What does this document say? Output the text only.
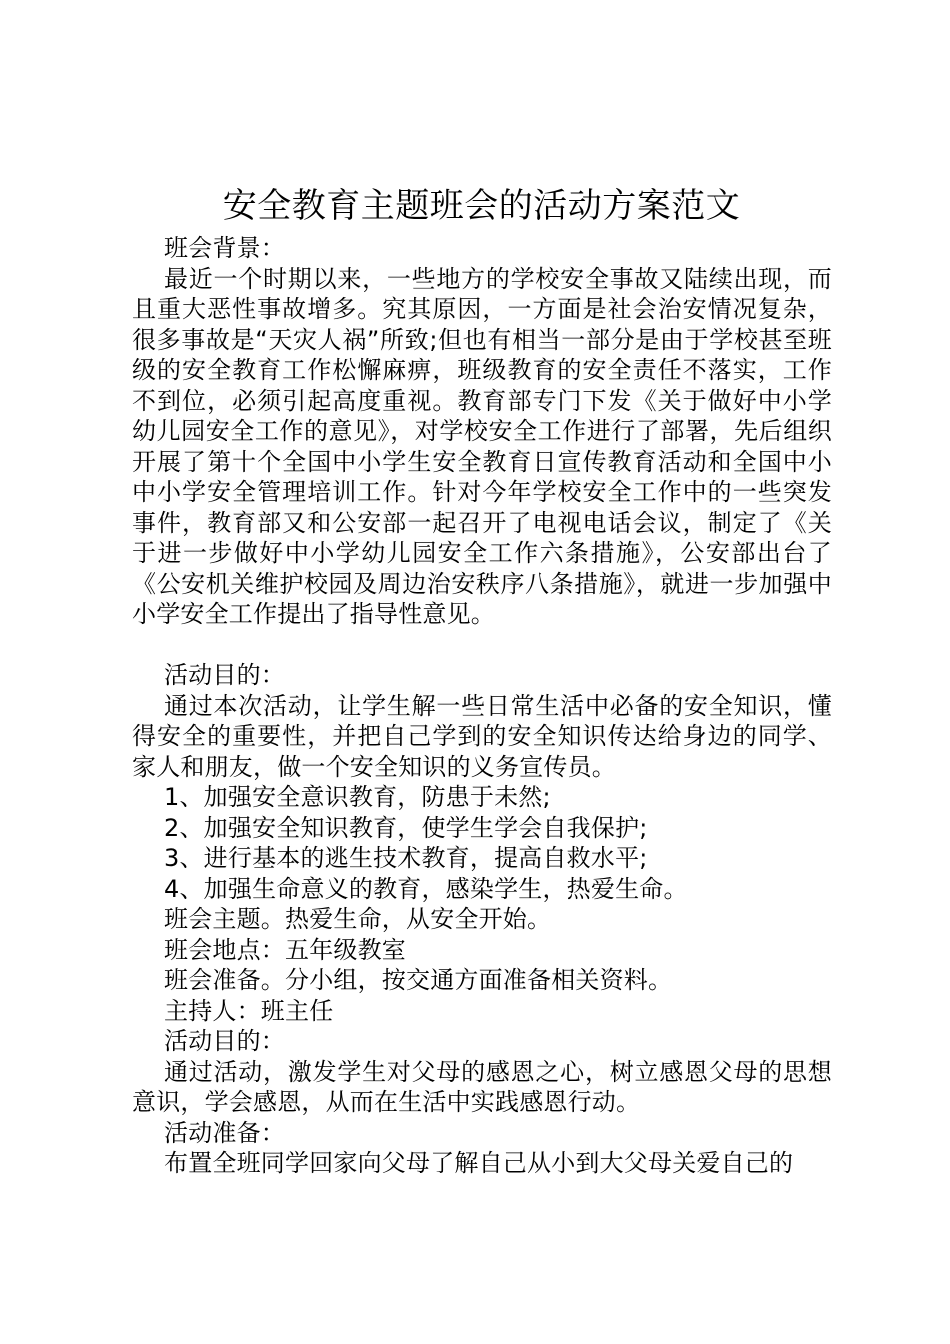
安全教育主题班会的活动方案范文

班会背景：

最近一个时期以来，一些地方的学校安全事故又陆续出现，而且重大恶性事故增多。究其原因，一方面是社会治安情况复杂，很多事故是“天灾人祸”所致;但也有相当一部分是由于学校甚至班级的安全教育工作松懈麻痹，班级教育的安全责任不落实，工作不到位，必须引起高度重视。教育部专门下发《关于做好中小学幼儿园安全工作的意见》，对学校安全工作进行了部署，先后组织开展了第十个全国中小学生安全教育日宣传教育活动和全国中小中小学安全管理培训工作。针对今年学校安全工作中的一些突发事件，教育部又和公安部一起召开了电视电话会议，制定了《关于进一步做好中小学幼儿园安全工作六条措施》，公安部出台了《公安机关维护校园及周边治安秩序八条措施》，就进一步加强中小学安全工作提出了指导性意见。

活动目的：

通过本次活动，让学生解一些日常生活中必备的安全知识，懂得安全的重要性，并把自己学到的安全知识传达给身边的同学、家人和朋友，做一个安全知识的义务宣传员。

1、加强安全意识教育，防患于未然;

2、加强安全知识教育，使学生学会自我保护;

3、进行基本的逃生技术教育，提高自救水平;

4、加强生命意义的教育，感染学生，热爱生命。

班会主题。热爱生命，从安全开始。

班会地点：五年级教室

班会准备。分小组，按交通方面准备相关资料。

主持人：班主任

活动目的：

通过活动，激发学生对父母的感恩之心，树立感恩父母的思想意识，学会感恩，从而在生活中实践感恩行动。

活动准备：

布置全班同学回家向父母了解自己从小到大父母关爱自己的
